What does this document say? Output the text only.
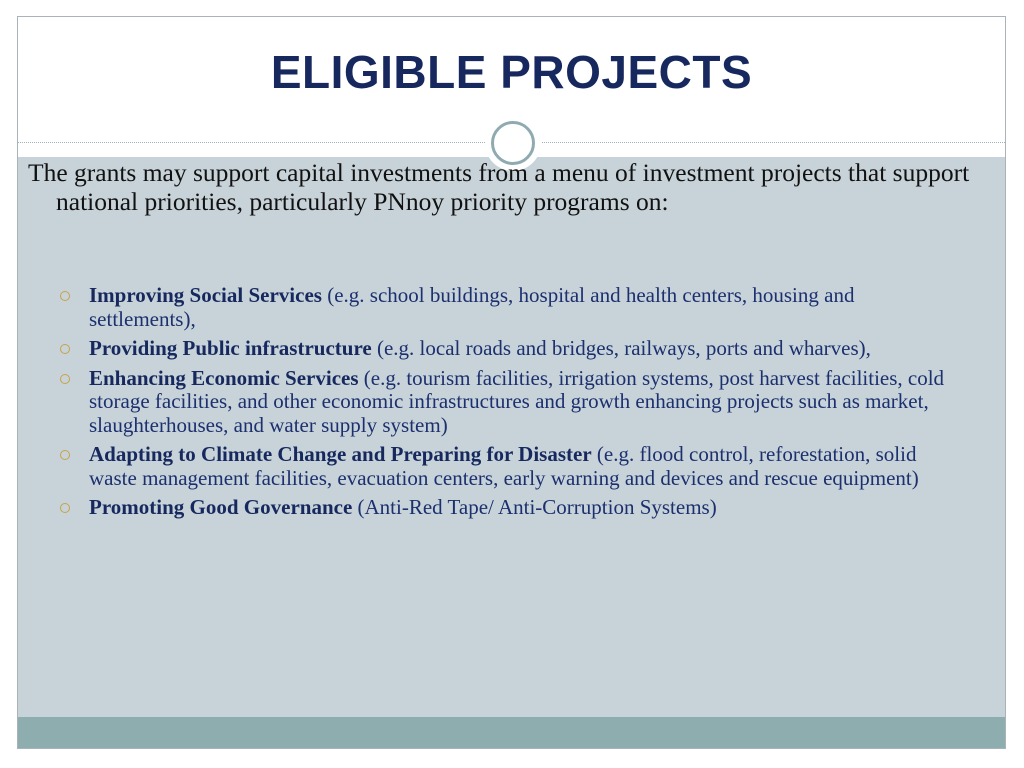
ELIGIBLE PROJECTS

The grants may support capital investments from a menu of investment projects that support national priorities, particularly PNnoy priority programs on:

Improving Social Services (e.g. school buildings, hospital and health centers, housing and settlements),
Providing Public infrastructure (e.g. local roads and bridges, railways, ports and wharves),
Enhancing Economic Services (e.g. tourism facilities, irrigation systems, post harvest facilities, cold storage facilities, and other economic infrastructures and growth enhancing projects such as market, slaughterhouses, and water supply system)
Adapting to Climate Change and Preparing for Disaster (e.g. flood control, reforestation, solid waste management facilities, evacuation centers, early warning and devices and rescue equipment)
Promoting Good Governance (Anti-Red Tape/ Anti-Corruption Systems)
